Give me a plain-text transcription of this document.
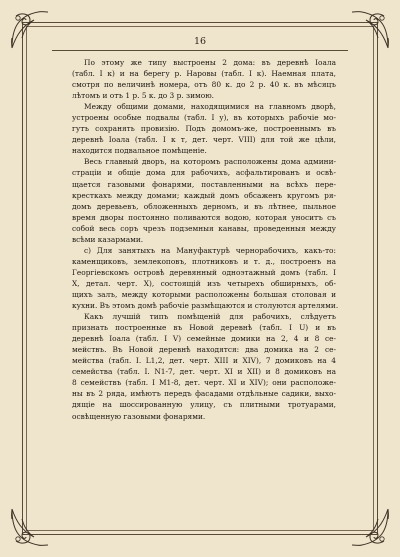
16
По этому же типу выстроены 2 дома: въ деревнѣ Іоала
(табл. I к) и на берегу р. Наровы (табл. I к). Наемная плата,
смотря по величинѣ номера, отъ 80 к. до 2 р. 40 к. въ мѣсяцъ
лѣтомъ и отъ 1 р. 5 к. до 3 р. зимою.
Между общими домами, находящимися на главномъ дворѣ,
устроены особые подвалы (табл. I у), въ которыхъ рабочіе мо-
гутъ сохранять провизію. Подъ домомъ-же, построеннымъ въ
деревнѣ Іоала (табл. I к т, дет. черт. VIII) для той же цѣли,
находится подвальное помѣщеніе.
Весь главный дворъ, на которомъ расположены дома админи-
страціи и общіе дома для рабочихъ, асфальтированъ и освѣ-
щается газовыми фонарями, поставленными на всѣхъ пере-
кресткахъ между домами; каждый домъ обсаженъ кругомъ ря-
домъ деревьевъ, обложенныхъ дерномъ, и въ лѣтнее, пыльное
время дворы постоянно поливаются водою, которая уноситъ съ
собой весь соръ чрезъ подземныя канавы, проведенныя между
всѣми казармами.
c) Для занятыхъ на Мануфактурѣ чернорабочихъ, какъ-то:
каменщиковъ, землекоповъ, плотниковъ и т. д., построенъ на
Георгіевскомъ островѣ деревянный одноэтажный домъ (табл. I
X, детал. черт. X), состоящій изъ четырехъ обширныхъ, об-
щихъ залъ, между которыми расположены большая столовая и
кухни. Въ этомъ домѣ рабочіе размѣщаются и столуются артелями.
Какъ лучшій типъ помѣщеній для рабочихъ, слѣдуетъ
признать построенные въ Новой деревнѣ (табл. I U) и въ
деревнѣ Іоала (табл. I V) семейные домики на 2, 4 и 8 се-
мействъ. Въ Новой деревнѣ находятся: два домика на 2 се-
мейства (табл. I. L1,2, дет. черт. XIII и XIV), 7 домиковъ на 4
семейства (табл. I. N1-7, дет. черт. XI и XII) и 8 домиковъ на
8 семействъ (табл. I M1-8, дет. черт. XI и XIV); они расположе-
ны въ 2 ряда, имѣютъ передъ фасадами отдѣльные садики, выхо-
дящіе на шоссированную улицу, съ плитными тротуарами,
освѣщенную газовыми фонарями.
